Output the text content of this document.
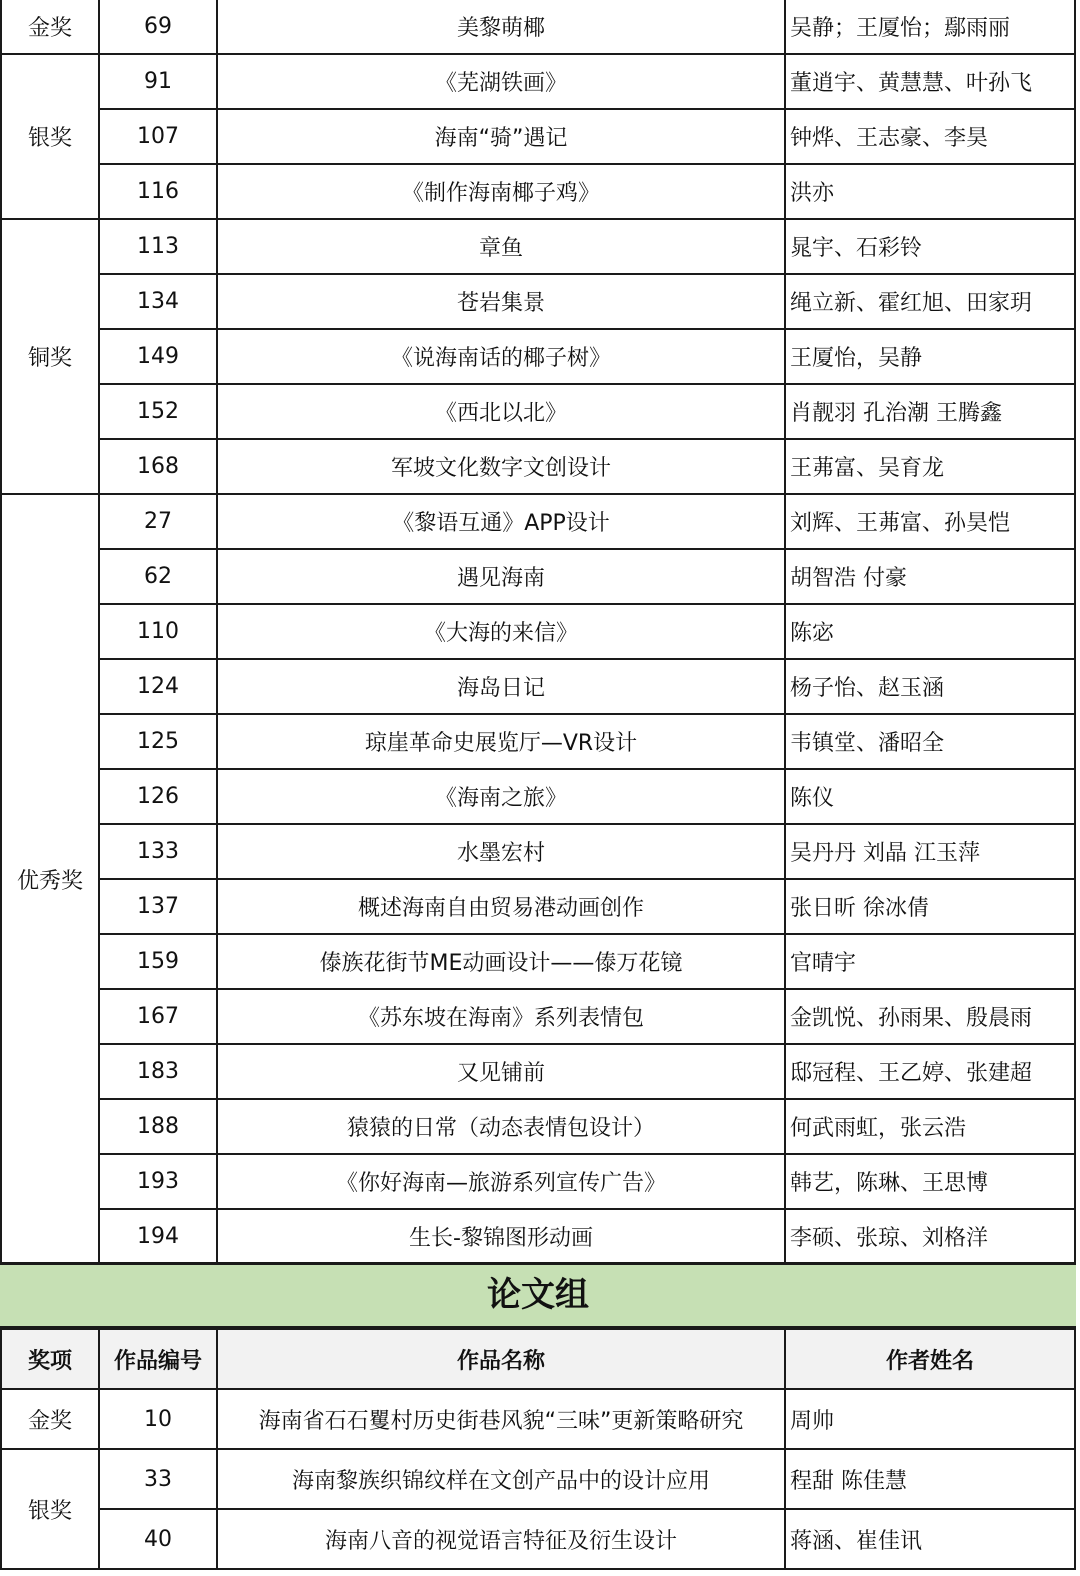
金奖	69	美黎萌椰	吴静；王厦怡；鄢雨丽
银奖	91	《芜湖铁画》	董逍宇、黄慧慧、叶孙飞
	107	海南“骑”遇记	钟烨、王志豪、李昊
	116	《制作海南椰子鸡》	洪亦
铜奖	113	章鱼	晁宇、石彩铃
	134	苍岩集景	绳立新、霍红旭、田家玥
	149	《说海南话的椰子树》	王厦怡，吴静
	152	《西北以北》	肖靓羽 孔治潮 王腾鑫
	168	军坡文化数字文创设计	王茀富、吴育龙
优秀奖	27	《黎语互通》APP设计	刘辉、王茀富、孙昊恺
	62	遇见海南	胡智浩 付豪
	110	《大海的来信》	陈宓
	124	海岛日记	杨子怡、赵玉涵
	125	琼崖革命史展览厅—VR设计	韦镇堂、潘昭全
	126	《海南之旅》	陈仪
	133	水墨宏村	吴丹丹 刘晶 江玉萍
	137	概述海南自由贸易港动画创作	张日昕 徐冰倩
	159	傣族花街节ME动画设计——傣万花镜	官晴宇
	167	《苏东坡在海南》系列表情包	金凯悦、孙雨果、殷晨雨
	183	又见铺前	邸冠程、王乙婷、张建超
	188	猿猿的日常（动态表情包设计）	何武雨虹，张云浩
	193	《你好海南—旅游系列宣传广告》	韩艺，陈琳、王思博
	194	生长-黎锦图形动画	李硕、张琼、刘格洋
论文组
奖项	作品编号	作品名称	作者姓名
金奖	10	海南省石石矍村历史街巷风貌“三味”更新策略研究	周帅
银奖	33	海南黎族织锦纹样在文创产品中的设计应用	程甜 陈佳慧
	40	海南八音的视觉语言特征及衍生设计	蒋涵、崔佳讯
